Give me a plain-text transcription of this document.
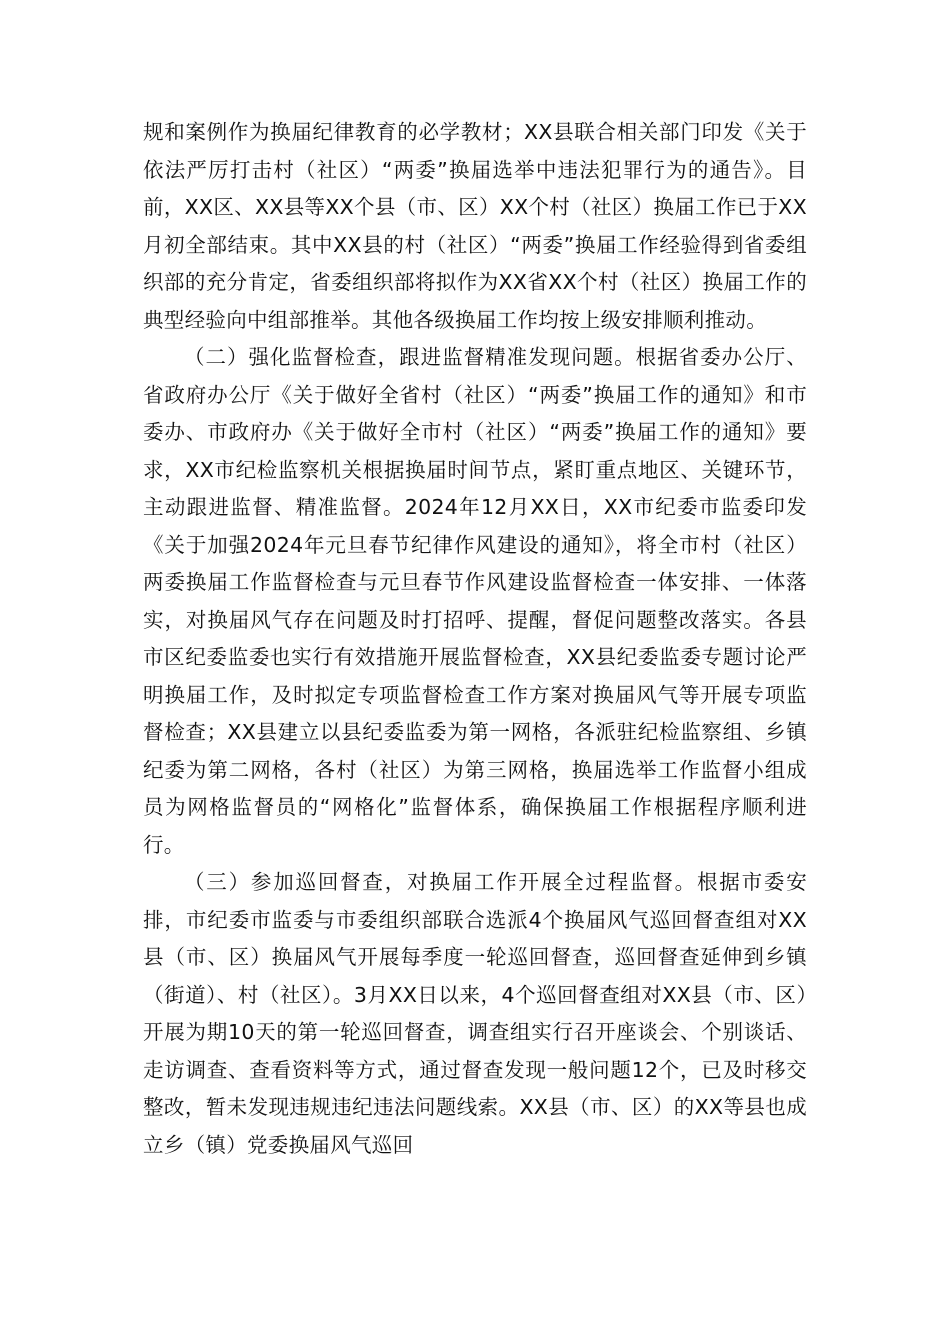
规和案例作为换届纪律教育的必学教材；XX县联合相关部门印发《关于依法严厉打击村（社区）“两委”换届选举中违法犯罪行为的通告》。目前，XX区、XX县等XX个县（市、区）XX个村（社区）换届工作已于XX月初全部结束。其中XX县的村（社区）“两委”换届工作经验得到省委组织部的充分肯定，省委组织部将拟作为XX省XX个村（社区）换届工作的典型经验向中组部推举。其他各级换届工作均按上级安排顺利推动。

（二）强化监督检查，跟进监督精准发现问题。根据省委办公厅、省政府办公厅《关于做好全省村（社区）“两委”换届工作的通知》和市委办、市政府办《关于做好全市村（社区）“两委”换届工作的通知》要求，XX市纪检监察机关根据换届时间节点，紧盯重点地区、关键环节，主动跟进监督、精准监督。2024年12月XX日，XX市纪委市监委印发《关于加强2024年元旦春节纪律作风建设的通知》，将全市村（社区）两委换届工作监督检查与元旦春节作风建设监督检查一体安排、一体落实，对换届风气存在问题及时打招呼、提醒，督促问题整改落实。各县市区纪委监委也实行有效措施开展监督检查，XX县纪委监委专题讨论严明换届工作，及时拟定专项监督检查工作方案对换届风气等开展专项监督检查；XX县建立以县纪委监委为第一网格，各派驻纪检监察组、乡镇纪委为第二网格，各村（社区）为第三网格，换届选举工作监督小组成员为网格监督员的“网格化”监督体系，确保换届工作根据程序顺利进行。

（三）参加巡回督查，对换届工作开展全过程监督。根据市委安排，市纪委市监委与市委组织部联合选派4个换届风气巡回督查组对XX县（市、区）换届风气开展每季度一轮巡回督查，巡回督查延伸到乡镇（街道）、村（社区）。3月XX日以来，4个巡回督查组对XX县（市、区）开展为期10天的第一轮巡回督查，调查组实行召开座谈会、个别谈话、走访调查、查看资料等方式，通过督查发现一般问题12个，已及时移交整改，暂未发现违规违纪违法问题线索。XX县（市、区）的XX等县也成立乡（镇）党委换届风气巡回
